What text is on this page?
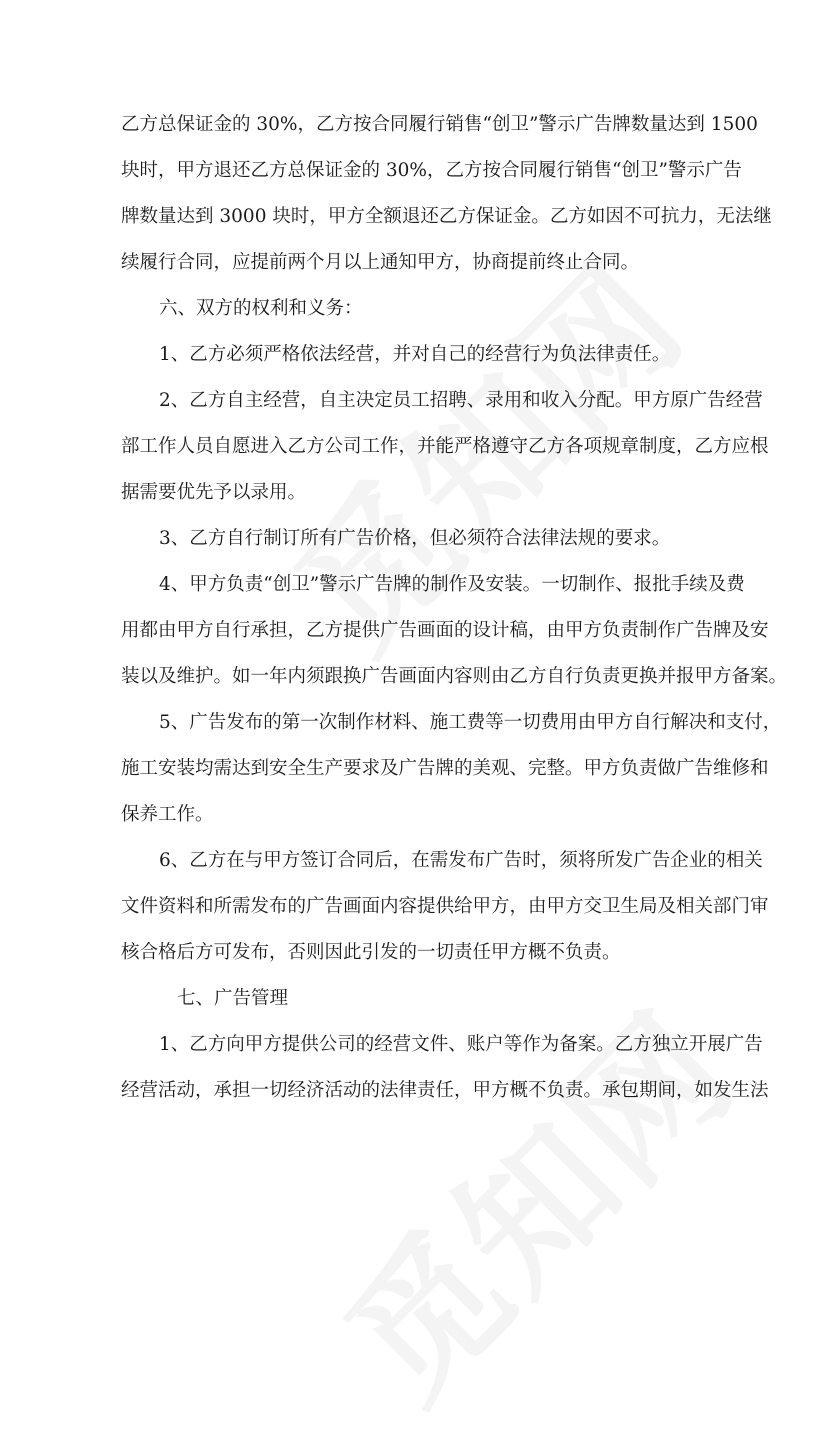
乙方总保证金的 30%，乙方按合同履行销售“创卫”警示广告牌数量达到 1500
块时，甲方退还乙方总保证金的 30%，乙方按合同履行销售“创卫”警示广告
牌数量达到 3000 块时，甲方全额退还乙方保证金。乙方如因不可抗力，无法继
续履行合同，应提前两个月以上通知甲方，协商提前终止合同。
六、双方的权利和义务：
1、乙方必须严格依法经营，并对自己的经营行为负法律责任。
2、乙方自主经营，自主决定员工招聘、录用和收入分配。甲方原广告经营
部工作人员自愿进入乙方公司工作，并能严格遵守乙方各项规章制度，乙方应根
据需要优先予以录用。
3、乙方自行制订所有广告价格，但必须符合法律法规的要求。
4、甲方负责“创卫”警示广告牌的制作及安装。一切制作、报批手续及费
用都由甲方自行承担，乙方提供广告画面的设计稿，由甲方负责制作广告牌及安
装以及维护。如一年内须跟换广告画面内容则由乙方自行负责更换并报甲方备案。
5、广告发布的第一次制作材料、施工费等一切费用由甲方自行解决和支付，
施工安装均需达到安全生产要求及广告牌的美观、完整。甲方负责做广告维修和
保养工作。
6、乙方在与甲方签订合同后，在需发布广告时，须将所发广告企业的相关
文件资料和所需发布的广告画面内容提供给甲方，由甲方交卫生局及相关部门审
核合格后方可发布，否则因此引发的一切责任甲方概不负责。
七、广告管理
1、乙方向甲方提供公司的经营文件、账户等作为备案。乙方独立开展广告
经营活动，承担一切经济活动的法律责任，甲方概不负责。承包期间，如发生法
